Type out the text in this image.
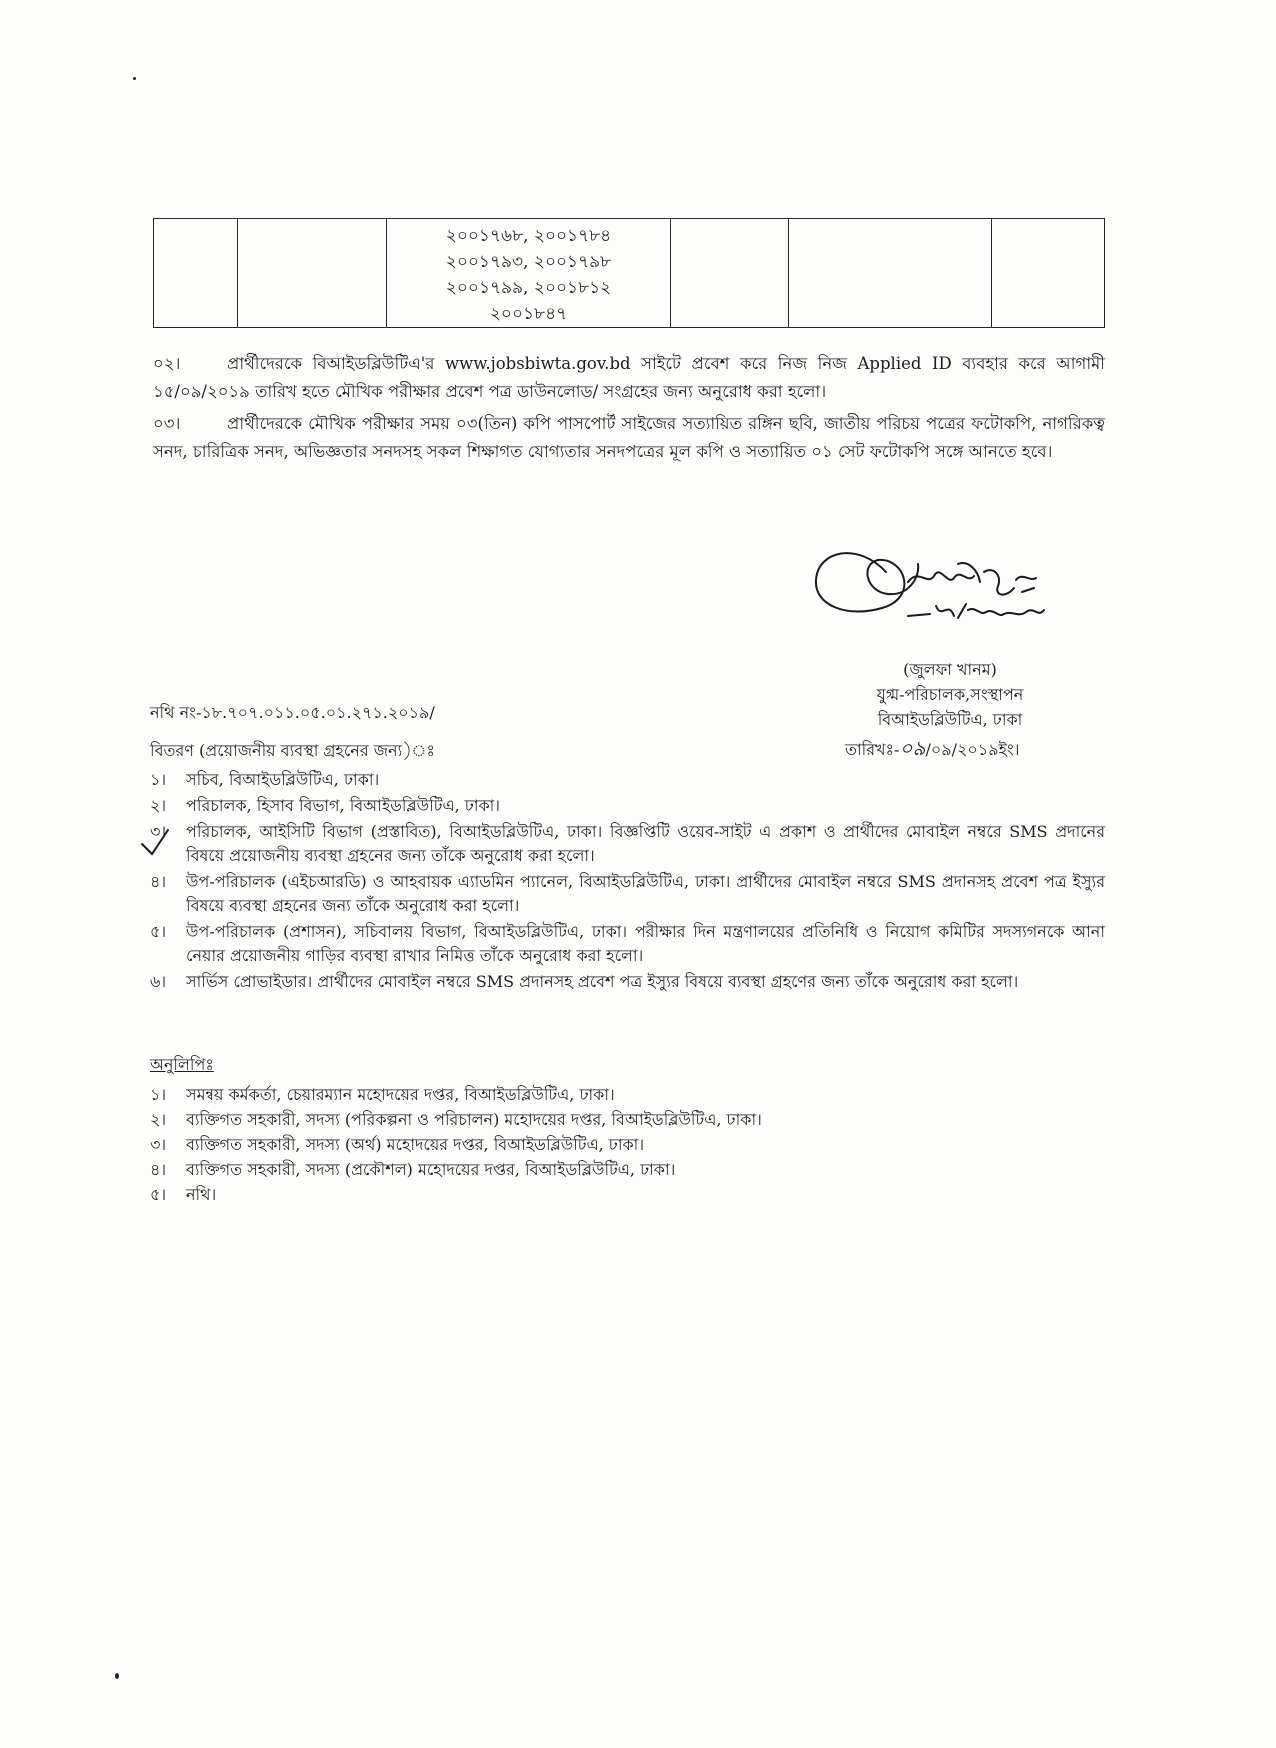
২০০১৭৬৮, ২০০১৭৮৪
২০০১৭৯৩, ২০০১৭৯৮
২০০১৭৯৯, ২০০১৮১২
২০০১৮৪৭

০২।	প্রার্থীদেরকে বিআইডব্লিউটিএ'র www.jobsbiwta.gov.bd সাইটে প্রবেশ করে নিজ নিজ Applied ID ব্যবহার করে আগামী ১৫/০৯/২০১৯ তারিখ হতে মৌখিক পরীক্ষার প্রবেশ পত্র ডাউনলোড/ সংগ্রহের জন্য অনুরোধ করা হলো।
০৩।	প্রার্থীদেরকে মৌখিক পরীক্ষার সময় ০৩(তিন) কপি পাসপোর্ট সাইজের সত্যায়িত রঙ্গিন ছবি, জাতীয় পরিচয় পত্রের ফটোকপি, নাগরিকত্ব সনদ, চারিত্রিক সনদ, অভিজ্ঞতার সনদসহ সকল শিক্ষাগত যোগ্যতার সনদপত্রের মূল কপি ও সত্যায়িত ০১ সেট ফটোকপি সঙ্গে আনতে হবে।
(জুলফা খানম)
যুগ্ম-পরিচালক,সংস্থাপন
বিআইডব্লিউটিএ, ঢাকা
নথি নং-১৮.৭০৭.০১১.০৫.০১.২৭১.২০১৯/
তারিখঃ-০৯/০৯/২০১৯ইং।
বিতরণ (প্রয়োজনীয় ব্যবস্থা গ্রহনের জন্য)ঃ
১। সচিব, বিআইডব্লিউটিএ, ঢাকা।
২। পরিচালক, হিসাব বিভাগ, বিআইডব্লিউটিএ, ঢাকা।
৩। পরিচালক, আইসিটি বিভাগ (প্রস্তাবিত), বিআইডব্লিউটিএ, ঢাকা। বিজ্ঞপ্তিটি ওয়েব-সাইট এ প্রকাশ ও প্রার্থীদের মোবাইল নম্বরে SMS প্রদানের বিষয়ে প্রয়োজনীয় ব্যবস্থা গ্রহনের জন্য তাঁকে অনুরোধ করা হলো।
৪। উপ-পরিচালক (এইচআরডি) ও আহবায়ক এ্যাডমিন প্যানেল, বিআইডব্লিউটিএ, ঢাকা। প্রার্থীদের মোবাইল নম্বরে SMS প্রদানসহ প্রবেশ পত্র ইস্যুর বিষয়ে ব্যবস্থা গ্রহনের জন্য তাঁকে অনুরোধ করা হলো।
৫। উপ-পরিচালক (প্রশাসন), সচিবালয় বিভাগ, বিআইডব্লিউটিএ, ঢাকা। পরীক্ষার দিন মন্ত্রণালয়ের প্রতিনিধি ও নিয়োগ কমিটির সদস্যগনকে আনা নেয়ার প্রয়োজনীয় গাড়ির ব্যবস্থা রাখার নিমিত্ত তাঁকে অনুরোধ করা হলো।
৬। সার্ভিস প্রোভাইডার। প্রার্থীদের মোবাইল নম্বরে SMS প্রদানসহ প্রবেশ পত্র ইস্যুর বিষয়ে ব্যবস্থা গ্রহণের জন্য তাঁকে অনুরোধ করা হলো।
অনুলিপিঃ
১। সমন্বয় কর্মকর্তা, চেয়ারম্যান মহোদয়ের দপ্তর, বিআইডব্লিউটিএ, ঢাকা।
২। ব্যক্তিগত সহকারী, সদস্য (পরিকল্পনা ও পরিচালন) মহোদয়ের দপ্তর, বিআইডব্লিউটিএ, ঢাকা।
৩। ব্যক্তিগত সহকারী, সদস্য (অর্থ) মহোদয়ের দপ্তর, বিআইডব্লিউটিএ, ঢাকা।
৪। ব্যক্তিগত সহকারী, সদস্য (প্রকৌশল) মহোদয়ের দপ্তর, বিআইডব্লিউটিএ, ঢাকা।
৫। নথি।
